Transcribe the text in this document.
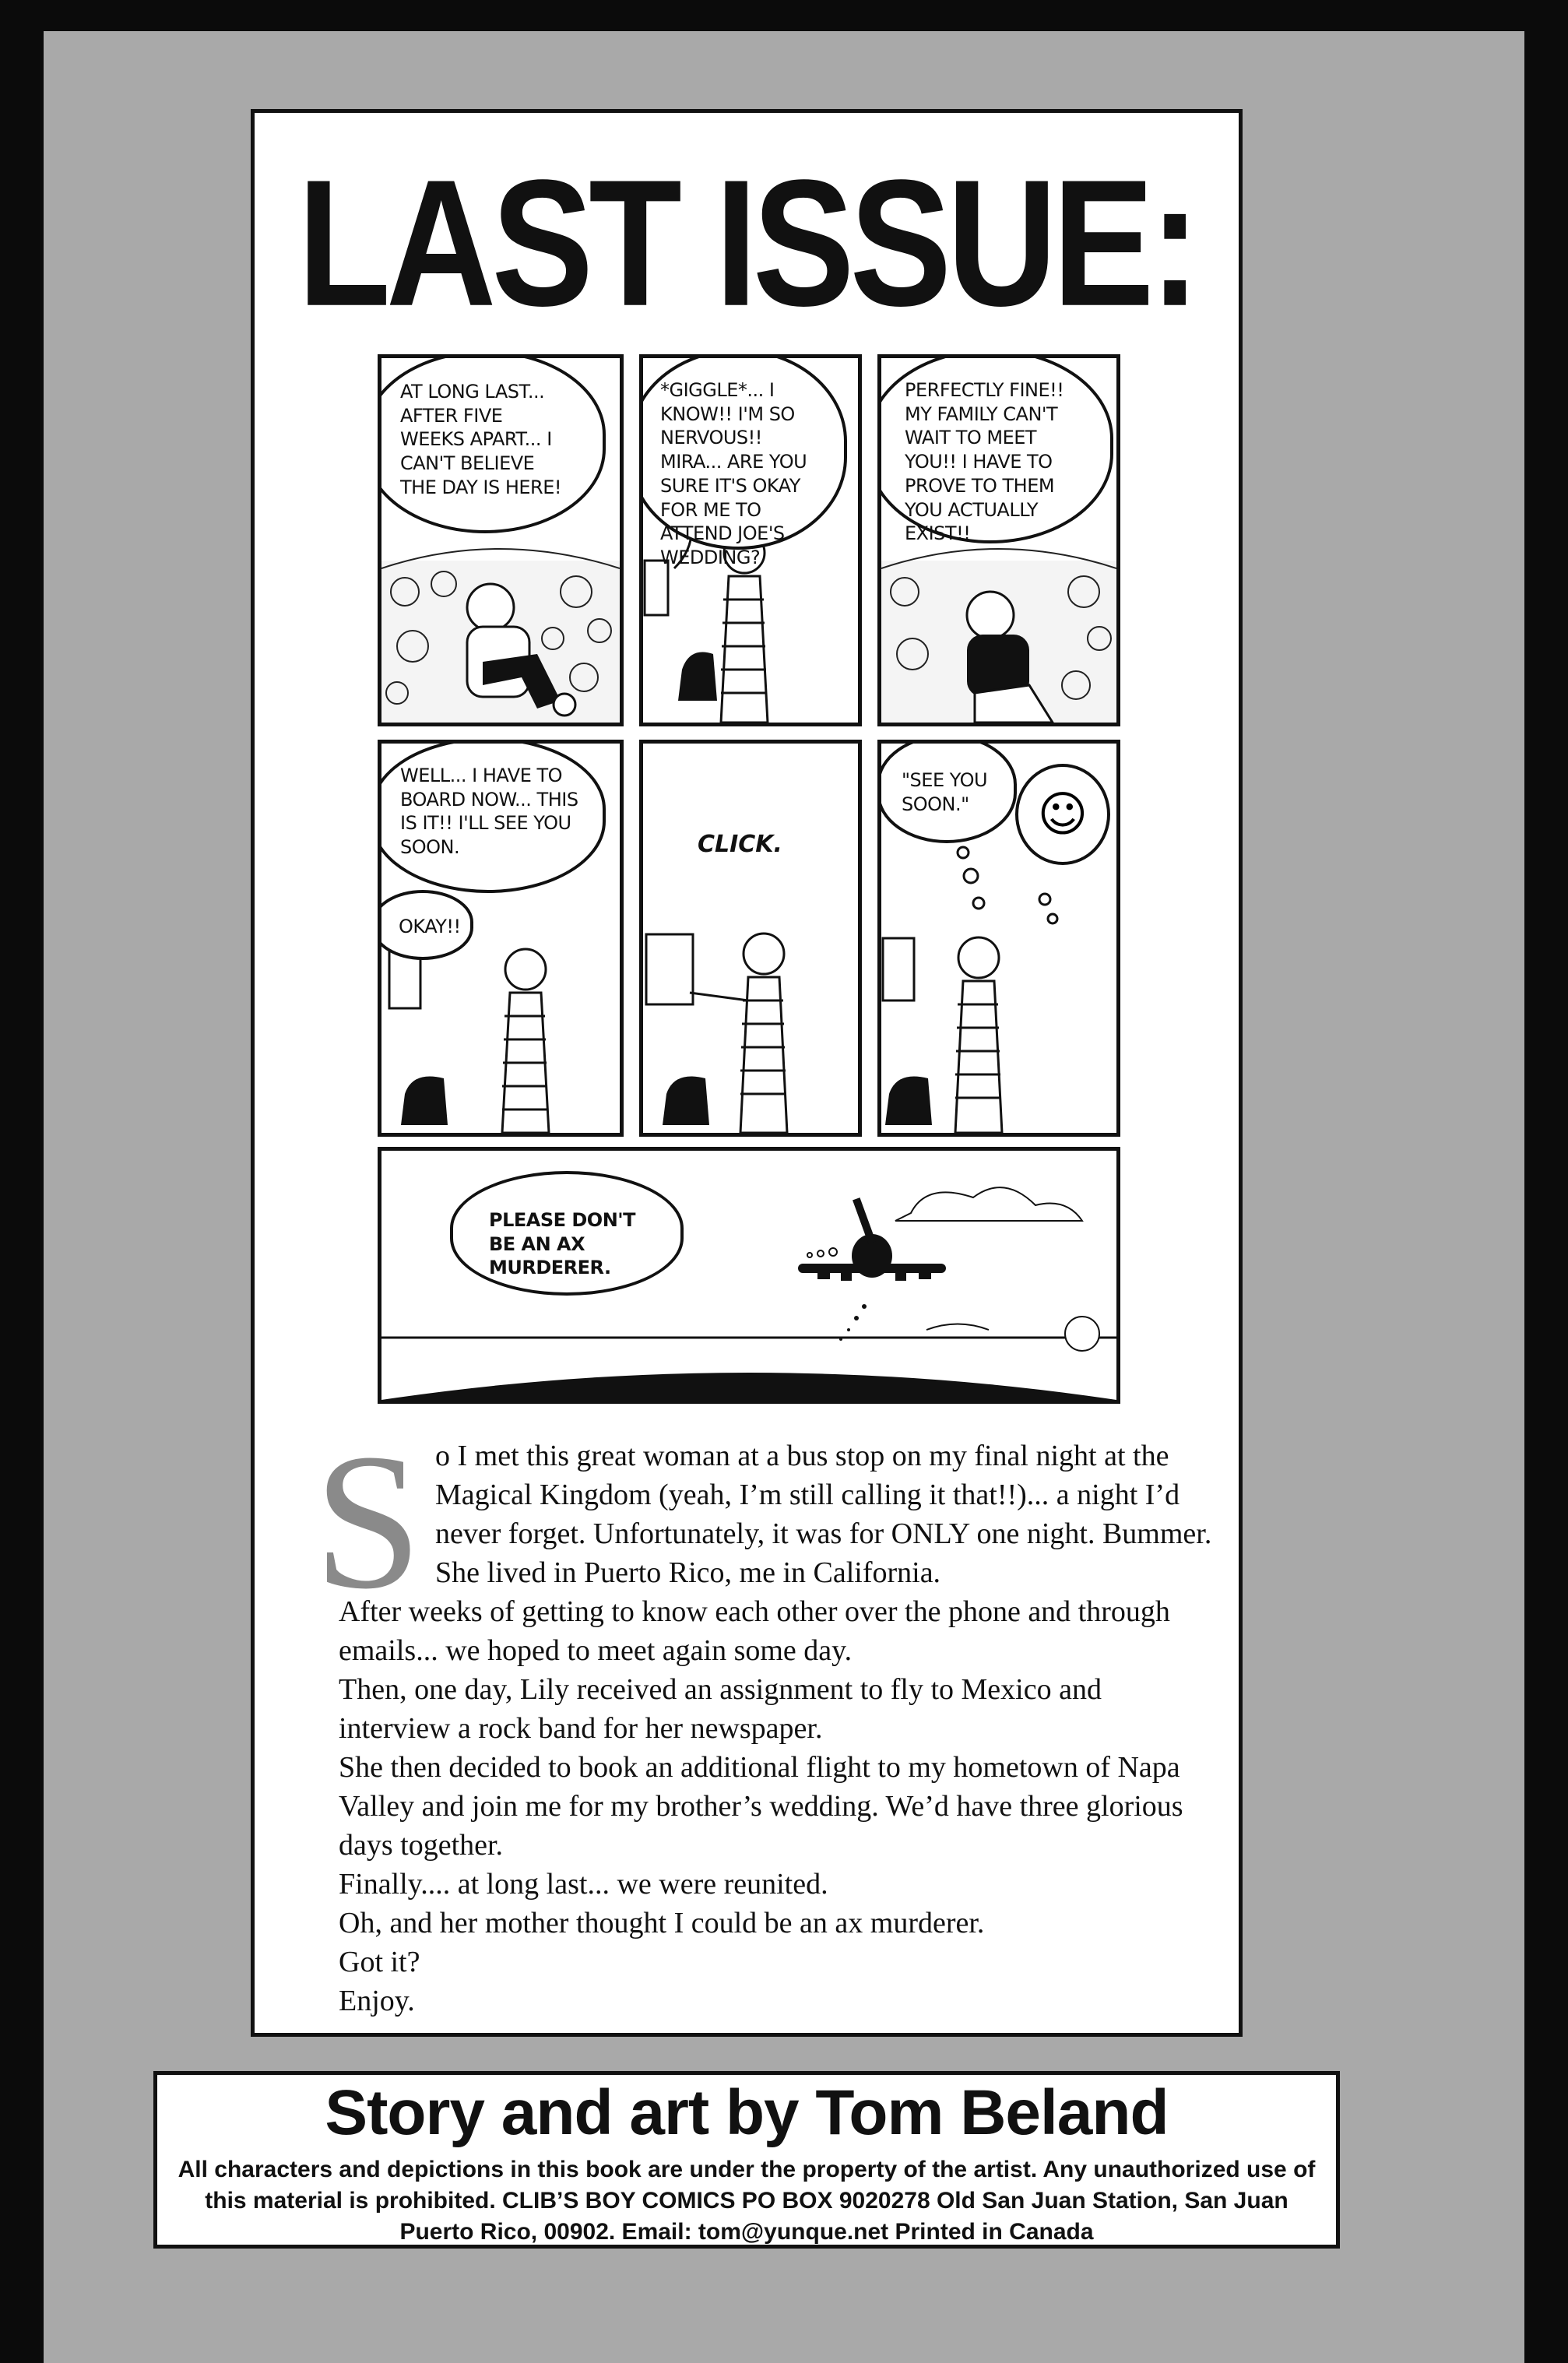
LAST ISSUE:
AT LONG LAST... AFTER FIVE WEEKS APART... I CAN'T BELIEVE THE DAY IS HERE!
*GIGGLE*... I KNOW!! I'M SO NERVOUS!! MIRA... ARE YOU SURE IT'S OKAY FOR ME TO ATTEND JOE'S WEDDING?
PERFECTLY FINE!! MY FAMILY CAN'T WAIT TO MEET YOU!! I HAVE TO PROVE TO THEM YOU ACTUALLY EXIST!!
WELL... I HAVE TO BOARD NOW... THIS IS IT!! I'LL SEE YOU SOON.
OKAY!!
CLICK.
"SEE YOU SOON."	☺
PLEASE DON'T BE AN AX MURDERER.
S o I met this great woman at a bus stop on my final night at the Magical Kingdom (yeah, I’m still calling it that!!)... a night I’d never forget. Unfortunately, it was for ONLY one night. Bummer. She lived in Puerto Rico, me in California.

After weeks of getting to know each other over the phone and through emails... we hoped to meet again some day.

Then, one day, Lily received an assignment to fly to Mexico and interview a rock band for her newspaper.

She then decided to book an additional flight to my hometown of Napa Valley and join me for my brother’s wedding. We’d have three glorious days together.

Finally.... at long last... we were reunited.

Oh, and her mother thought I could be an ax murderer.

Got it?

Enjoy.

Story and art by Tom Beland
All characters and depictions in this book are under the property of the artist. Any unauthorized use of this material is prohibited. CLIB’S BOY COMICS PO BOX 9020278 Old San Juan Station, San Juan Puerto Rico, 00902. Email: tom@yunque.net Printed in Canada
